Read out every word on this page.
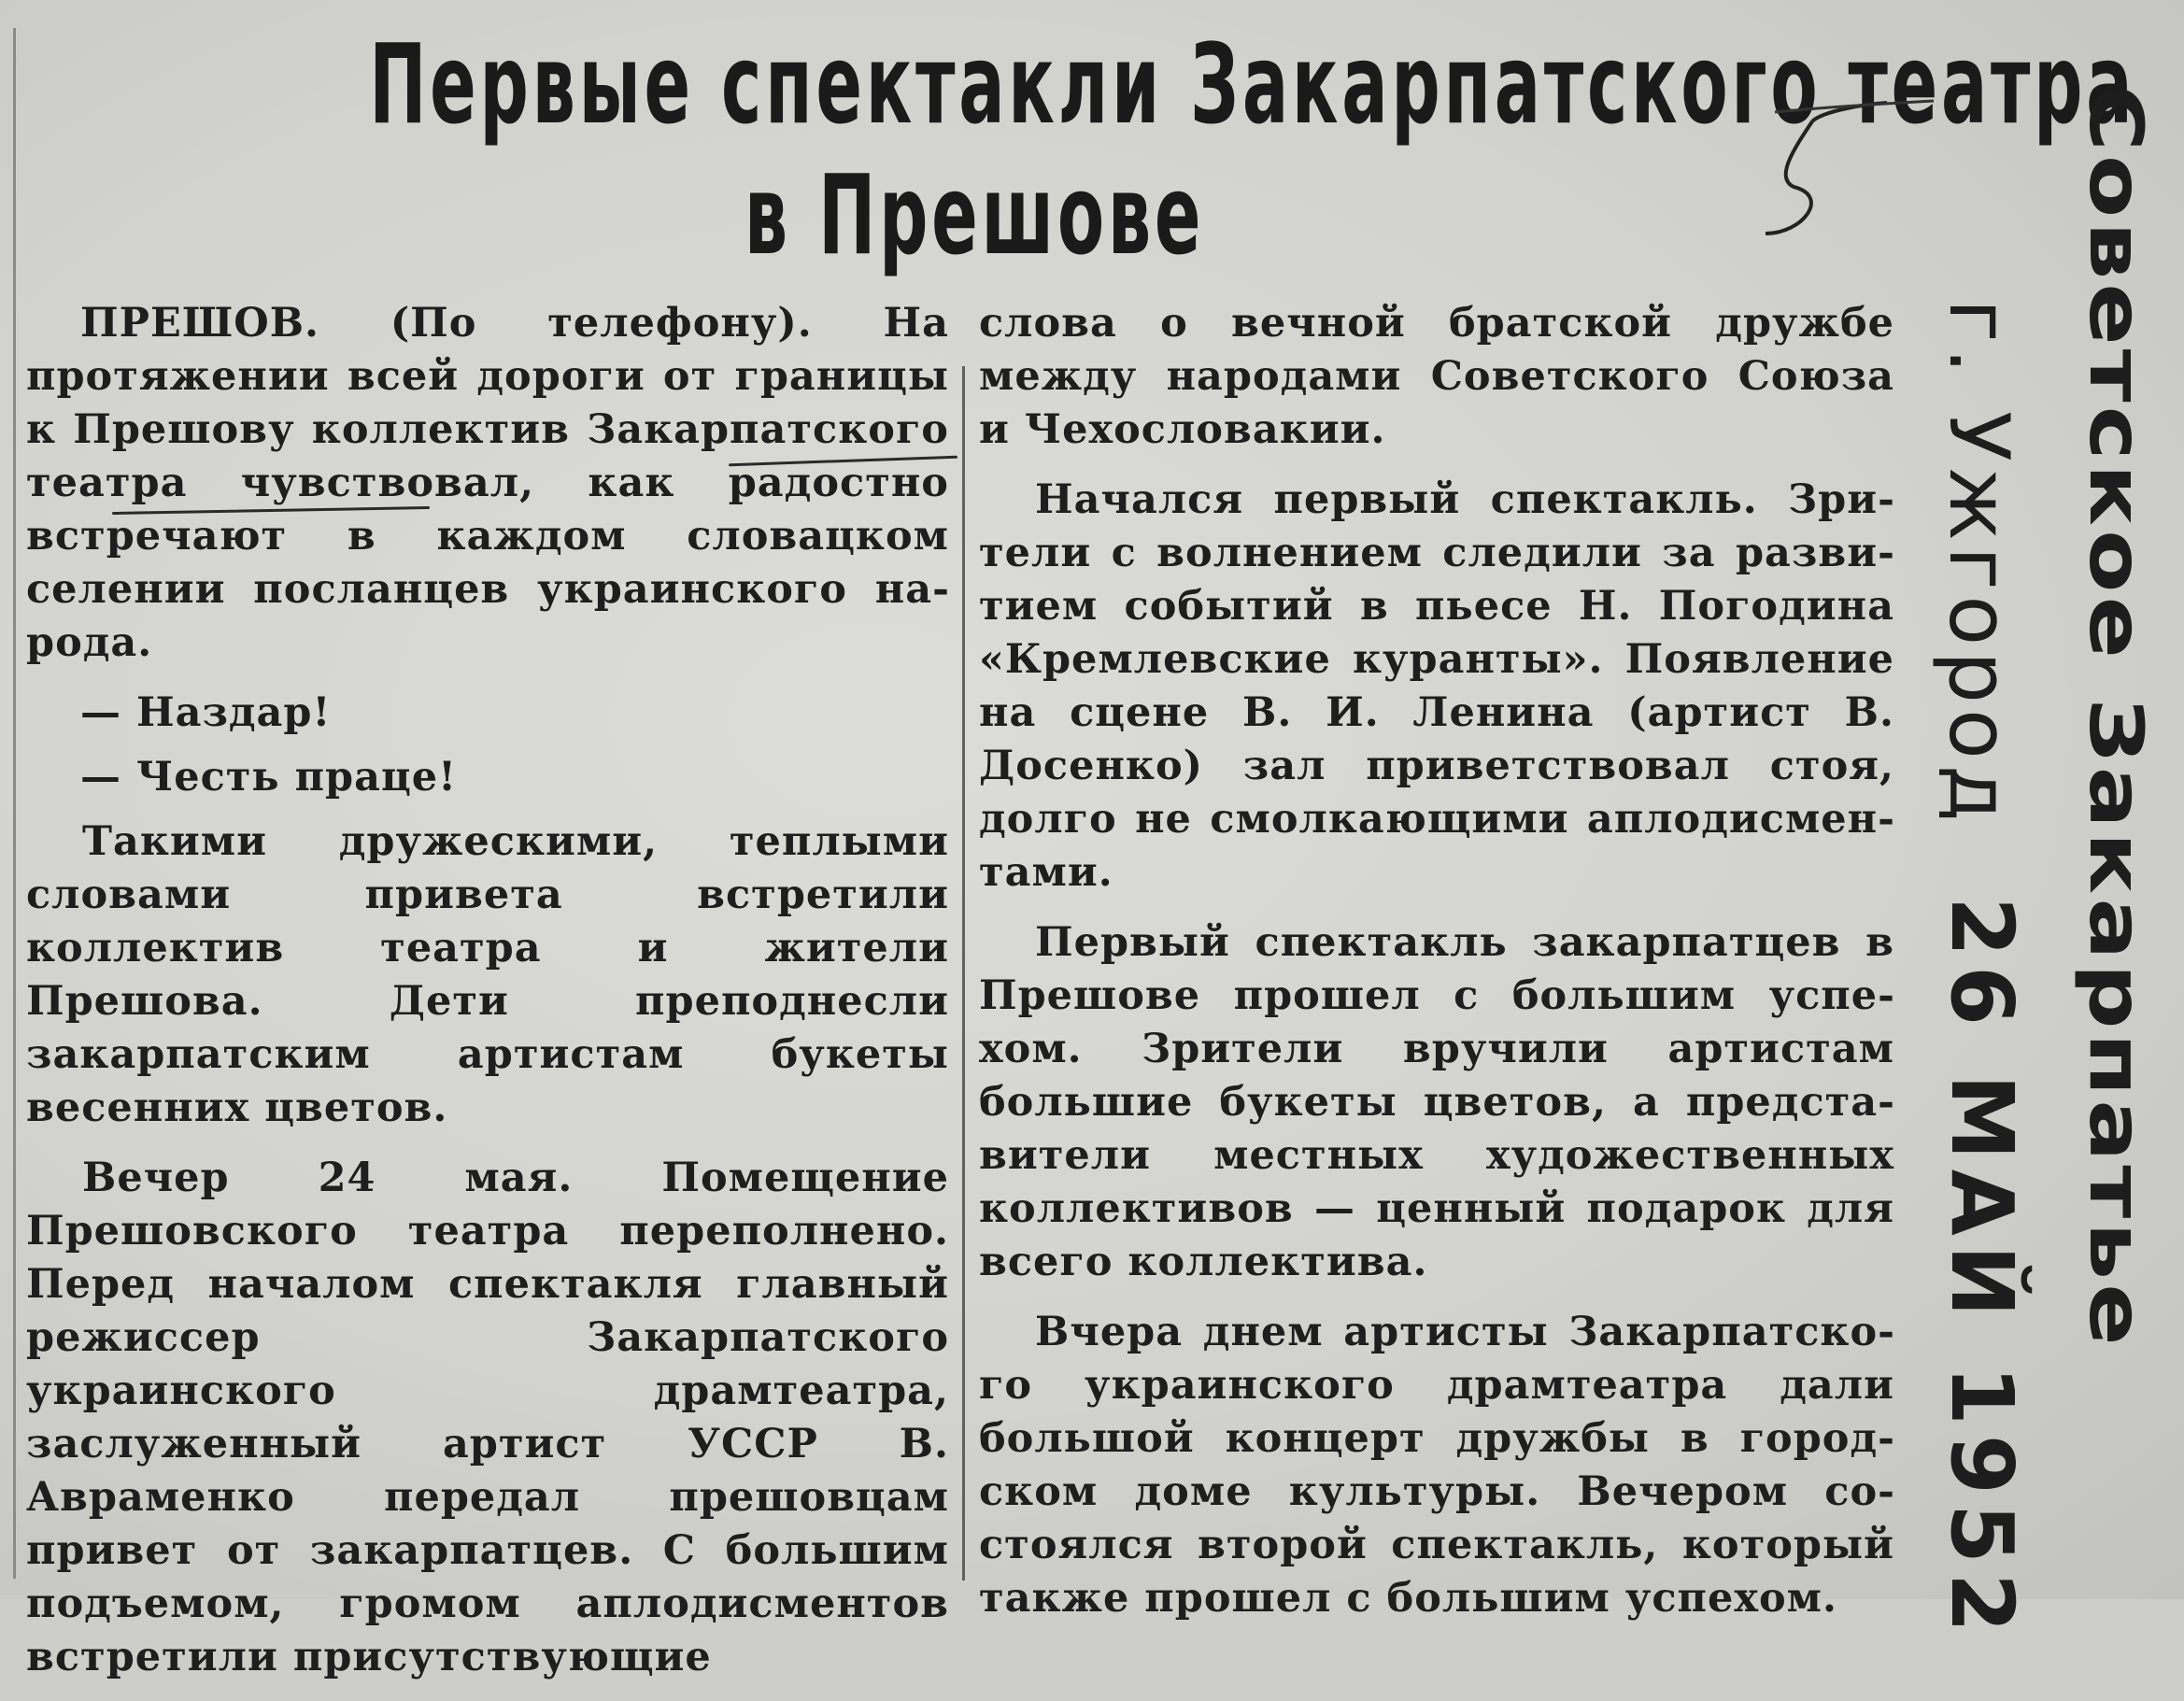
Первые спектакли Закарпатского театра
в Прешове

ПРЕШОВ. (По телефону). На протяжении всей дороги от границы к Прешову коллектив Закарпатского театра чувствовал, как радостно встречают в каждом словацком селении посланцев украинского народа.

— Наздар!

— Честь праце!

Такими дружескими, теплыми словами привета встретили коллектив театра и жители Прешова. Дети преподнесли закарпатским артистам букеты весенних цветов.

Вечер 24 мая. Помещение Прешовского театра переполнено. Перед началом спектакля главный режиссер Закарпатского украинского драмтеатра, заслуженный артист УССР В. Авраменко передал прешовцам привет от закарпатцев. С большим подъемом, громом аплодисментов встретили присутствующие

слова о вечной братской дружбе между народами Советского Союза и Чехословакии.

Начался первый спектакль. Зрители с волнением следили за развитием событий в пьесе Н. Погодина «Кремлевские куранты». Появление на сцене В. И. Ленина (артист В. Досенко) зал приветствовал стоя, долго не смолкающими аплодисментами.

Первый спектакль закарпатцев в Прешове прошел с большим успехом. Зрители вручили артистам большие букеты цветов, а представители местных художественных коллективов — ценный подарок для всего коллектива.

Вчера днем артисты Закарпатского украинского драмтеатра дали большой концерт дружбы в городском доме культуры. Вечером состоялся второй спектакль, который также прошел с большим успехом.

Советское Закарпатье
г. Ужгород
26 МАЙ 1952
